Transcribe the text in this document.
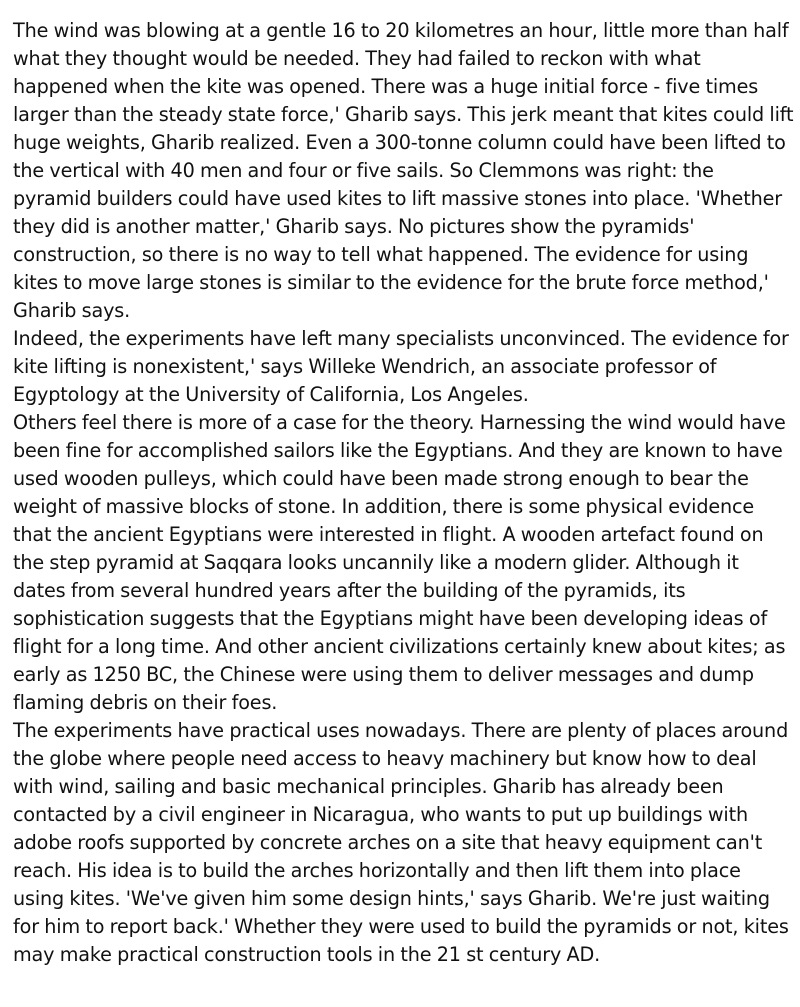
The wind was blowing at a gentle 16 to 20 kilometres an hour, little more than half what they thought would be needed. They had failed to reckon with what happened when the kite was opened. There was a huge initial force - five times larger than the steady state force,' Gharib says. This jerk meant that kites could lift huge weights, Gharib realized. Even a 300-tonne column could have been lifted to the vertical with 40 men and four or five sails. So Clemmons was right: the pyramid builders could have used kites to lift massive stones into place. 'Whether they did is another matter,' Gharib says. No pictures show the pyramids' construction, so there is no way to tell what happened. The evidence for using kites to move large stones is similar to the evidence for the brute force method,' Gharib says.

Indeed, the experiments have left many specialists unconvinced. The evidence for kite lifting is nonexistent,' says Willeke Wendrich, an associate professor of Egyptology at the University of California, Los Angeles.

Others feel there is more of a case for the theory. Harnessing the wind would have been fine for accomplished sailors like the Egyptians. And they are known to have used wooden pulleys, which could have been made strong enough to bear the weight of massive blocks of stone. In addition, there is some physical evidence that the ancient Egyptians were interested in flight. A wooden artefact found on the step pyramid at Saqqara looks uncannily like a modern glider. Although it dates from several hundred years after the building of the pyramids, its sophistication suggests that the Egyptians might have been developing ideas of flight for a long time. And other ancient civilizations certainly knew about kites; as early as 1250 BC, the Chinese were using them to deliver messages and dump flaming debris on their foes.

The experiments have practical uses nowadays. There are plenty of places around the globe where people need access to heavy machinery but know how to deal with wind, sailing and basic mechanical principles. Gharib has already been contacted by a civil engineer in Nicaragua, who wants to put up buildings with adobe roofs supported by concrete arches on a site that heavy equipment can't reach. His idea is to build the arches horizontally and then lift them into place using kites. 'We've given him some design hints,' says Gharib. We're just waiting for him to report back.' Whether they were used to build the pyramids or not, kites may make practical construction tools in the 21 st century AD.
